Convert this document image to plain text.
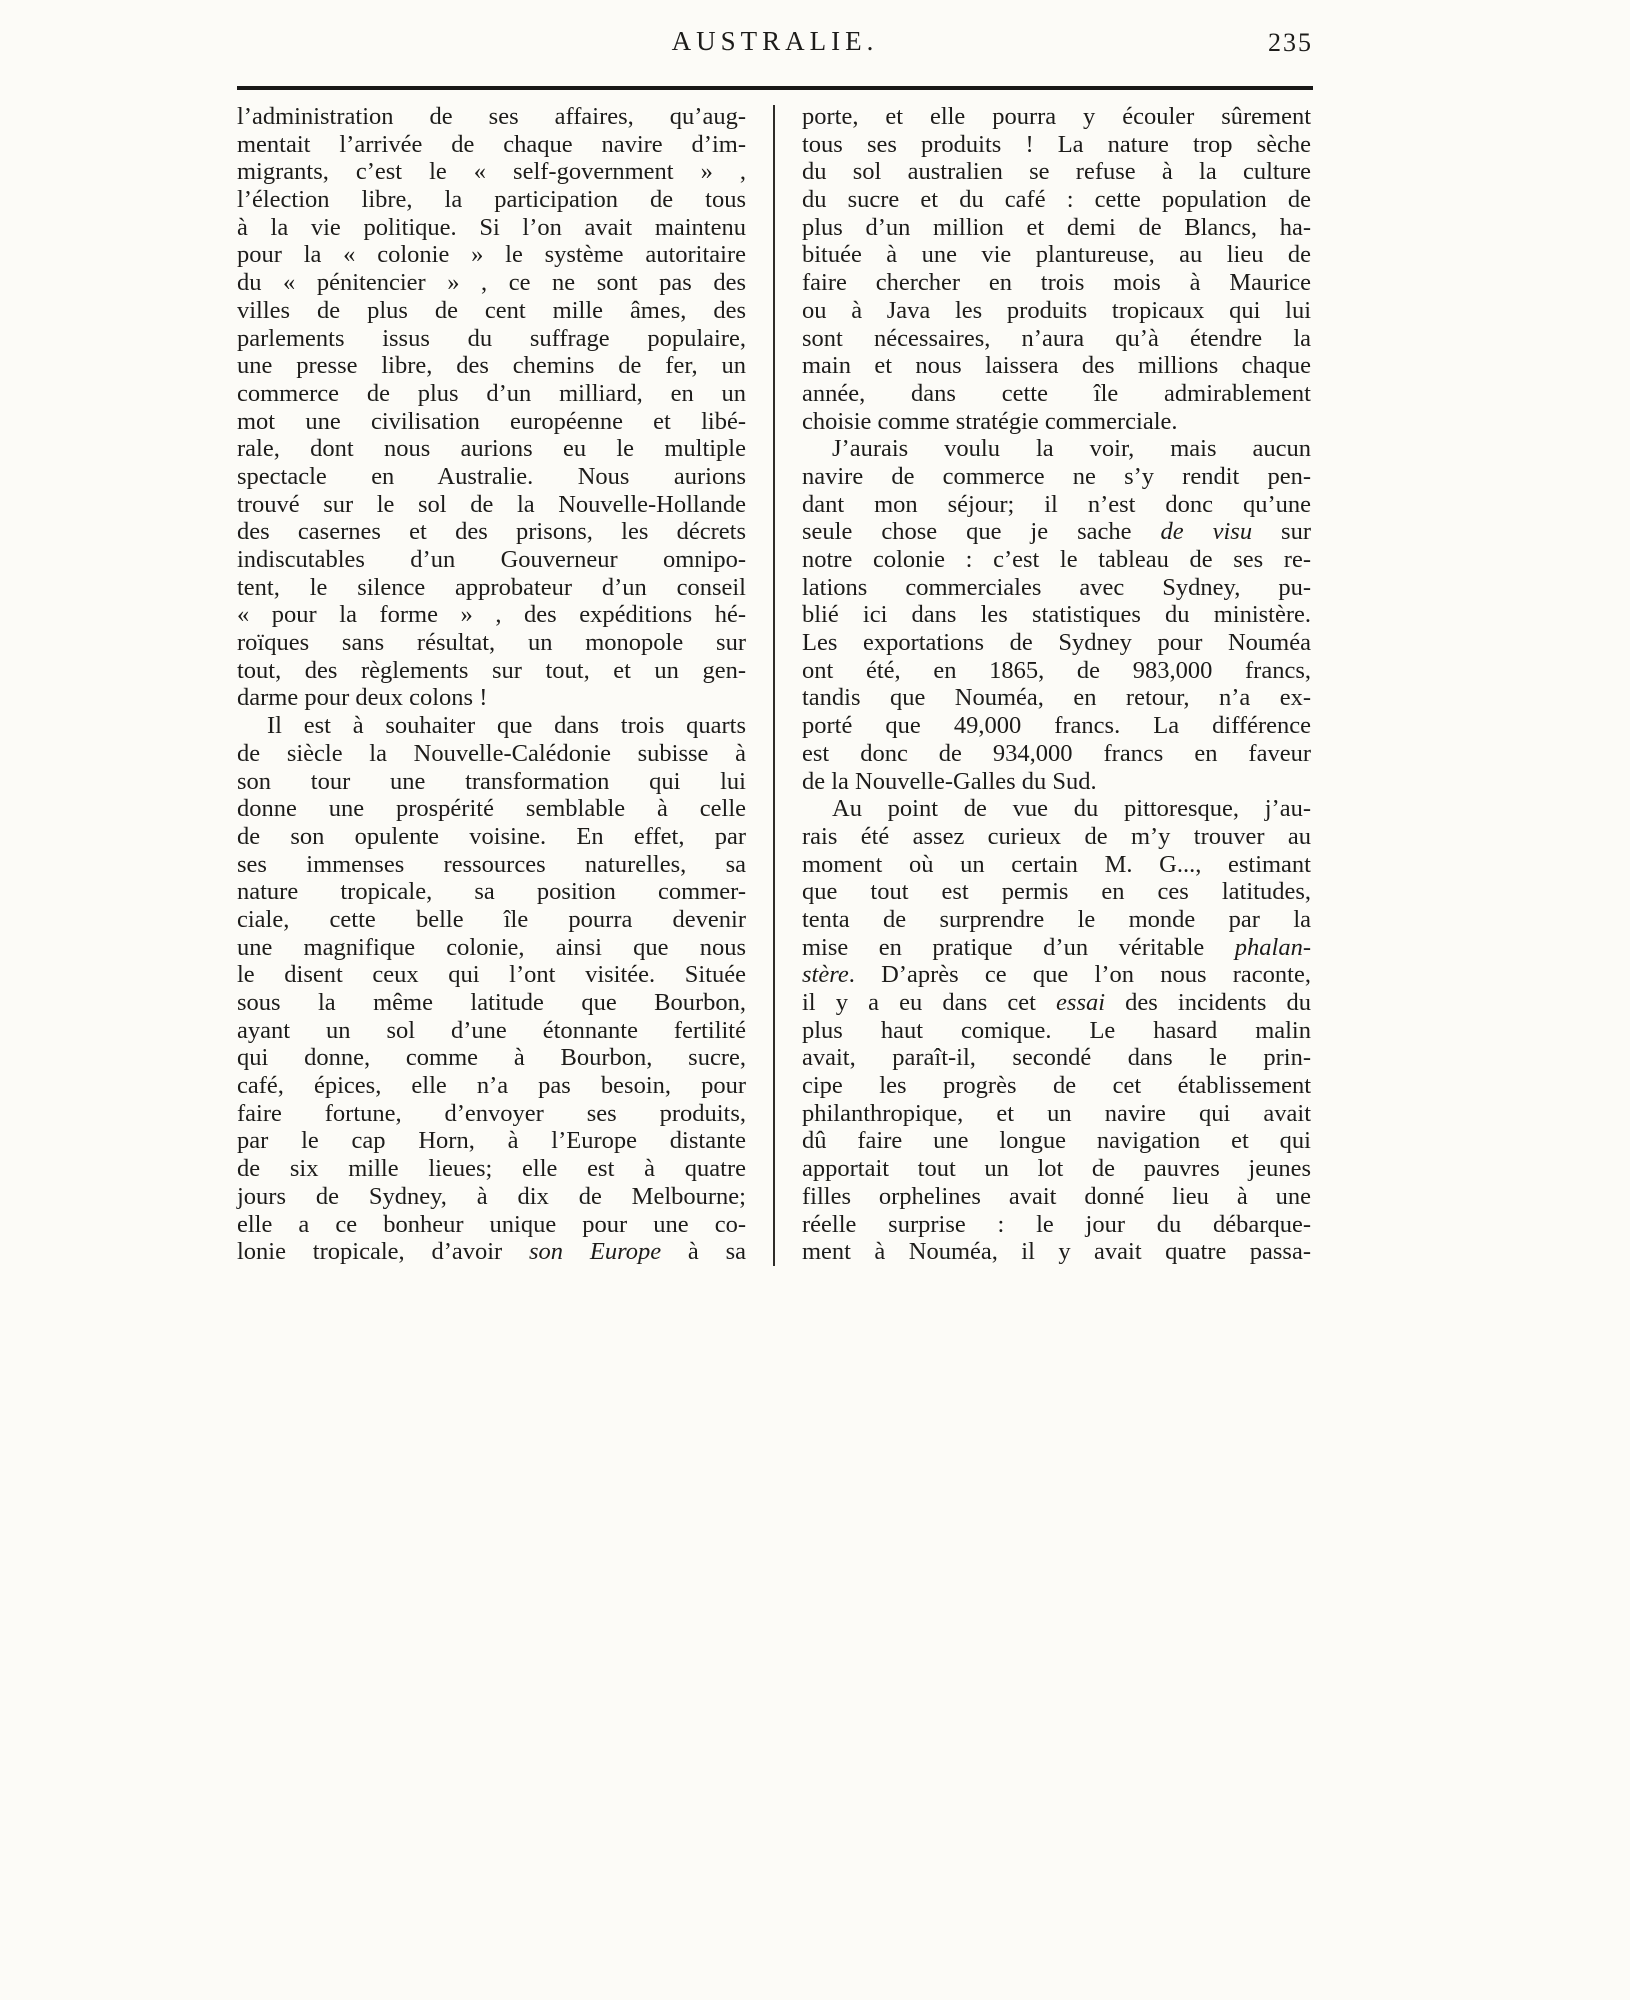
AUSTRALIE.	235
l’administration de ses affaires, qu’aug-
mentait l’arrivée de chaque navire d’im-
migrants, c’est le « self-government » ,
l’élection libre, la participation de tous
à la vie politique. Si l’on avait maintenu
pour la « colonie » le système autoritaire
du « pénitencier » , ce ne sont pas des
villes de plus de cent mille âmes, des
parlements issus du suffrage populaire,
une presse libre, des chemins de fer, un
commerce de plus d’un milliard, en un
mot une civilisation européenne et libé-
rale, dont nous aurions eu le multiple
spectacle en Australie. Nous aurions
trouvé sur le sol de la Nouvelle-Hollande
des casernes et des prisons, les décrets
indiscutables d’un Gouverneur omnipo-
tent, le silence approbateur d’un conseil
« pour la forme » , des expéditions hé-
roïques sans résultat, un monopole sur
tout, des règlements sur tout, et un gen-
darme pour deux colons !
Il est à souhaiter que dans trois quarts
de siècle la Nouvelle-Calédonie subisse à
son tour une transformation qui lui
donne une prospérité semblable à celle
de son opulente voisine. En effet, par
ses immenses ressources naturelles, sa
nature tropicale, sa position commer-
ciale, cette belle île pourra devenir
une magnifique colonie, ainsi que nous
le disent ceux qui l’ont visitée. Située
sous la même latitude que Bourbon,
ayant un sol d’une étonnante fertilité
qui donne, comme à Bourbon, sucre,
café, épices, elle n’a pas besoin, pour
faire fortune, d’envoyer ses produits,
par le cap Horn, à l’Europe distante
de six mille lieues; elle est à quatre
jours de Sydney, à dix de Melbourne;
elle a ce bonheur unique pour une co-
lonie tropicale, d’avoir son Europe à sa
porte, et elle pourra y écouler sûrement
tous ses produits ! La nature trop sèche
du sol australien se refuse à la culture
du sucre et du café : cette population de
plus d’un million et demi de Blancs, ha-
bituée à une vie plantureuse, au lieu de
faire chercher en trois mois à Maurice
ou à Java les produits tropicaux qui lui
sont nécessaires, n’aura qu’à étendre la
main et nous laissera des millions chaque
année, dans cette île admirablement
choisie comme stratégie commerciale.
J’aurais voulu la voir, mais aucun
navire de commerce ne s’y rendit pen-
dant mon séjour; il n’est donc qu’une
seule chose que je sache de visu sur
notre colonie : c’est le tableau de ses re-
lations commerciales avec Sydney, pu-
blié ici dans les statistiques du ministère.
Les exportations de Sydney pour Nouméa
ont été, en 1865, de 983,000 francs,
tandis que Nouméa, en retour, n’a ex-
porté que 49,000 francs. La différence
est donc de 934,000 francs en faveur
de la Nouvelle-Galles du Sud.
Au point de vue du pittoresque, j’au-
rais été assez curieux de m’y trouver au
moment où un certain M. G..., estimant
que tout est permis en ces latitudes,
tenta de surprendre le monde par la
mise en pratique d’un véritable phalan-
stère. D’après ce que l’on nous raconte,
il y a eu dans cet essai des incidents du
plus haut comique. Le hasard malin
avait, paraît-il, secondé dans le prin-
cipe les progrès de cet établissement
philanthropique, et un navire qui avait
dû faire une longue navigation et qui
apportait tout un lot de pauvres jeunes
filles orphelines avait donné lieu à une
réelle surprise : le jour du débarque-
ment à Nouméa, il y avait quatre passa-
